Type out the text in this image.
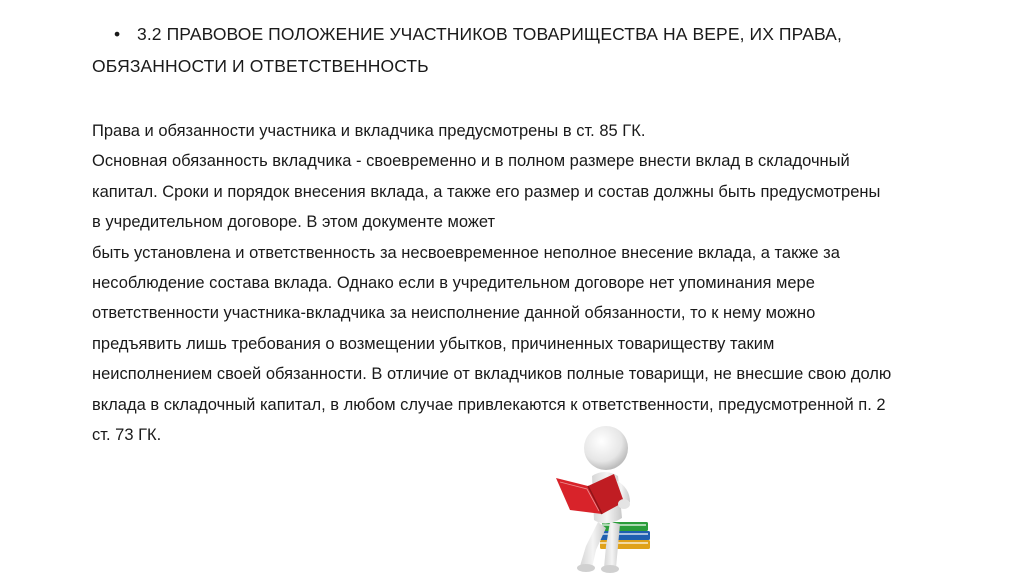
• 3.2 ПРАВОВОЕ ПОЛОЖЕНИЕ УЧАСТНИКОВ ТОВАРИЩЕСТВА НА ВЕРЕ, ИХ ПРАВА,
ОБЯЗАННОСТИ И ОТВЕТСТВЕННОСТЬ
Права и обязанности участника и вкладчика предусмотрены в ст. 85 ГК.
Основная обязанность вкладчика - своевременно и в полном размере внести вклад в складочный
капитал. Сроки и порядок внесения вклада, а также его размер и состав должны быть предусмотрены
в учредительном договоре. В этом документе может
быть установлена и ответственность за несвоевременное неполное внесение вклада, а также за
несоблюдение состава вклада. Однако если в учредительном договоре нет упоминания мере
ответственности участника-вкладчика за неисполнение данной обязанности, то к нему можно
предъявить лишь требования о возмещении убытков, причиненных товариществу таким
неисполнением своей обязанности. В отличие от вкладчиков полные товарищи, не внесшие свою долю
вклада в складочный капитал, в любом случае привлекаются к ответственности, предусмотренной п. 2
ст. 73 ГК.
